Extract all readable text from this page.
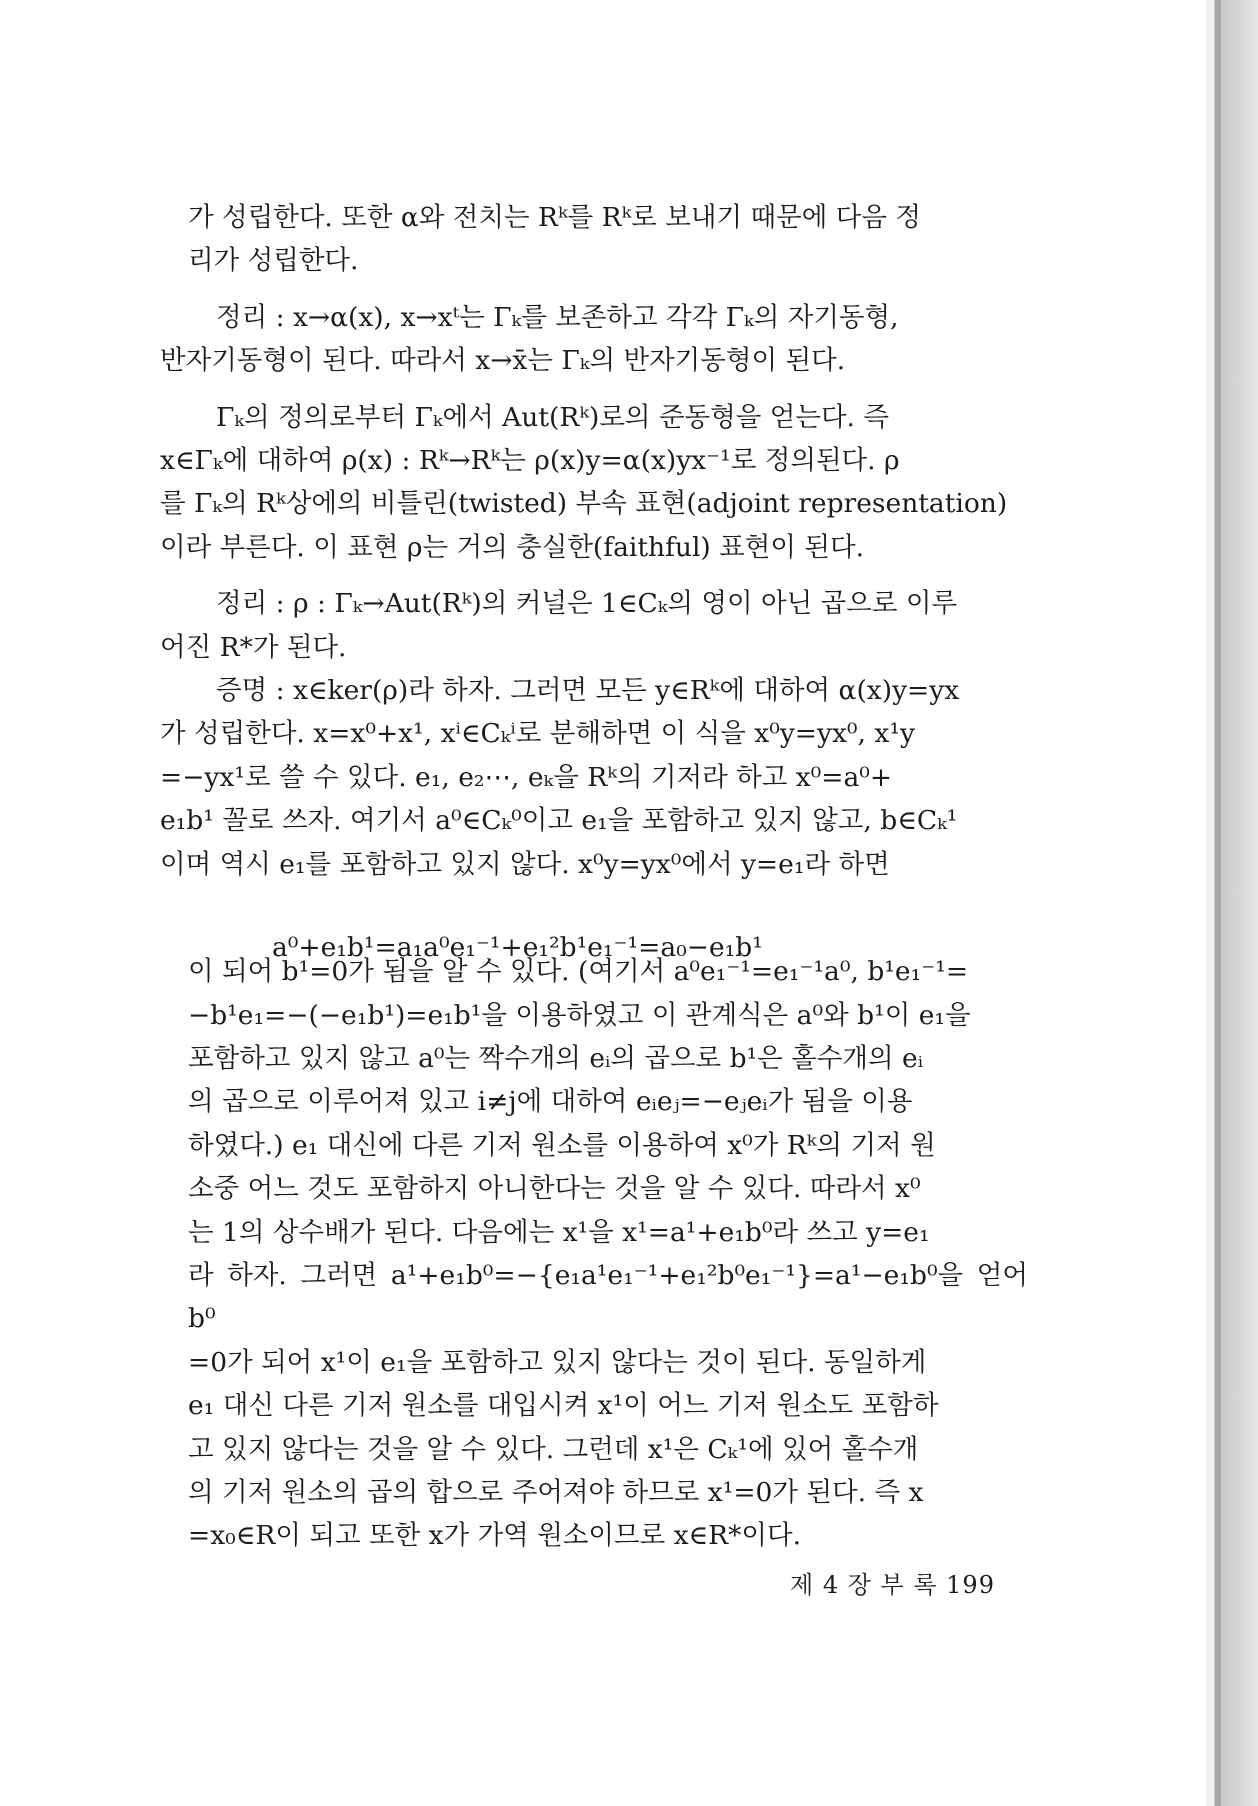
가 성립한다. 또한 α와 전치는 Rᵏ를 Rᵏ로 보내기 때문에 다음 정
리가 성립한다.

정리 : x→α(x), x→xᵗ는 Γₖ를 보존하고 각각 Γₖ의 자기동형,
반자기동형이 된다. 따라서 x→x̄는 Γₖ의 반자기동형이 된다.

Γₖ의 정의로부터 Γₖ에서 Aut(Rᵏ)로의 준동형을 얻는다. 즉
x∈Γₖ에 대하여 ρ(x) : Rᵏ→Rᵏ는 ρ(x)y=α(x)yx⁻¹로 정의된다. ρ
를 Γₖ의 Rᵏ상에의 비틀린(twisted) 부속 표현(adjoint representation)
이라 부른다. 이 표현 ρ는 거의 충실한(faithful) 표현이 된다.

정리 : ρ : Γₖ→Aut(Rᵏ)의 커널은 1∈Cₖ의 영이 아닌 곱으로 이루
어진 R*가 된다.

증명 : x∈ker(ρ)라 하자. 그러면 모든 y∈Rᵏ에 대하여 α(x)y=yx
가 성립한다. x=x⁰+x¹, xⁱ∈Cₖⁱ로 분해하면 이 식을 x⁰y=yx⁰, x¹y
=−yx¹로 쓸 수 있다. e₁, e₂⋯, eₖ을 Rᵏ의 기저라 하고 x⁰=a⁰+
e₁b¹ 꼴로 쓰자. 여기서 a⁰∈Cₖ⁰이고 e₁을 포함하고 있지 않고, b∈Cₖ¹
이며 역시 e₁를 포함하고 있지 않다. x⁰y=yx⁰에서 y=e₁라 하면

이 되어 b¹=0가 됨을 알 수 있다. (여기서 a⁰e₁⁻¹=e₁⁻¹a⁰, b¹e₁⁻¹=
−b¹e₁=−(−e₁b¹)=e₁b¹을 이용하였고 이 관계식은 a⁰와 b¹이 e₁을
포함하고 있지 않고 a⁰는 짝수개의 eᵢ의 곱으로 b¹은 홀수개의 eᵢ
의 곱으로 이루어져 있고 i≠j에 대하여 eᵢeⱼ=−eⱼeᵢ가 됨을 이용
하였다.) e₁ 대신에 다른 기저 원소를 이용하여 x⁰가 Rᵏ의 기저 원
소중 어느 것도 포함하지 아니한다는 것을 알 수 있다. 따라서 x⁰
는 1의 상수배가 된다. 다음에는 x¹을 x¹=a¹+e₁b⁰라 쓰고 y=e₁
라 하자. 그러면 a¹+e₁b⁰=−{e₁a¹e₁⁻¹+e₁²b⁰e₁⁻¹}=a¹−e₁b⁰을 얻어 b⁰
=0가 되어 x¹이 e₁을 포함하고 있지 않다는 것이 된다. 동일하게
e₁ 대신 다른 기저 원소를 대입시켜 x¹이 어느 기저 원소도 포함하
고 있지 않다는 것을 알 수 있다. 그런데 x¹은 Cₖ¹에 있어 홀수개
의 기저 원소의 곱의 합으로 주어져야 하므로 x¹=0가 된다. 즉 x
=x₀∈R이 되고 또한 x가 가역 원소이므로 x∈R*이다.

a⁰+e₁b¹=a₁a⁰e₁⁻¹+e₁²b¹e₁⁻¹=a₀−e₁b¹
제 4 장 부 록 199
